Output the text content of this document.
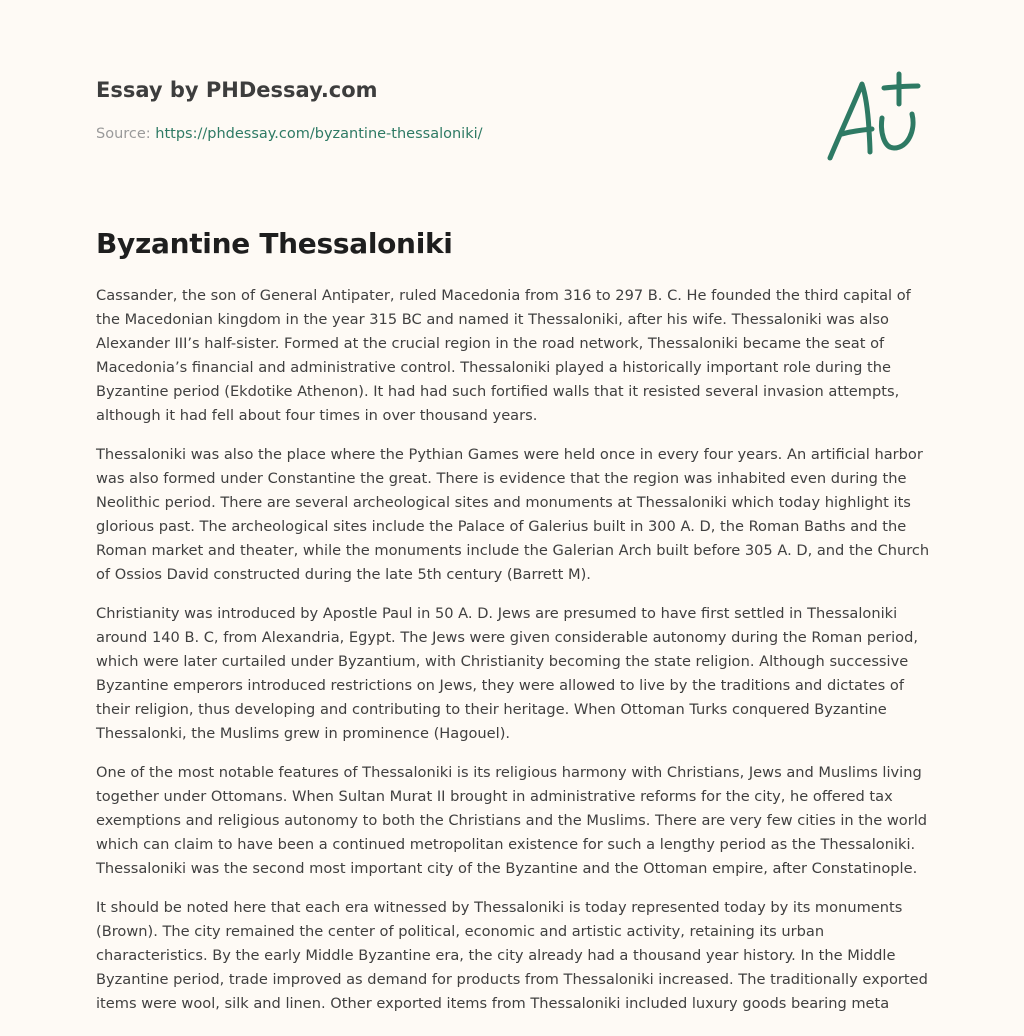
Essay by PHDessay.com

Source: https://phdessay.com/byzantine-thessaloniki/
Byzantine Thessaloniki

Cassander, the son of General Antipater, ruled Macedonia from 316 to 297 B. C. He founded the third capital of the Macedonian kingdom in the year 315 BC and named it Thessaloniki, after his wife. Thessaloniki was also Alexander III’s half-sister. Formed at the crucial region in the road network, Thessaloniki became the seat of Macedonia’s financial and administrative control. Thessaloniki played a historically important role during the Byzantine period (Ekdotike Athenon). It had had such fortified walls that it resisted several invasion attempts, although it had fell about four times in over thousand years.

Thessaloniki was also the place where the Pythian Games were held once in every four years. An artificial harbor was also formed under Constantine the great. There is evidence that the region was inhabited even during the Neolithic period. There are several archeological sites and monuments at Thessaloniki which today highlight its glorious past. The archeological sites include the Palace of Galerius built in 300 A. D, the Roman Baths and the Roman market and theater, while the monuments include the Galerian Arch built before 305 A. D, and the Church of Ossios David constructed during the late 5th century (Barrett M).

Christianity was introduced by Apostle Paul in 50 A. D. Jews are presumed to have first settled in Thessaloniki around 140 B. C, from Alexandria, Egypt. The Jews were given considerable autonomy during the Roman period, which were later curtailed under Byzantium, with Christianity becoming the state religion. Although successive Byzantine emperors introduced restrictions on Jews, they were allowed to live by the traditions and dictates of their religion, thus developing and contributing to their heritage. When Ottoman Turks conquered Byzantine Thessalonki, the Muslims grew in prominence (Hagouel).

One of the most notable features of Thessaloniki is its religious harmony with Christians, Jews and Muslims living together under Ottomans. When Sultan Murat II brought in administrative reforms for the city, he offered tax exemptions and religious autonomy to both the Christians and the Muslims. There are very few cities in the world which can claim to have been a continued metropolitan existence for such a lengthy period as the Thessaloniki. Thessaloniki was the second most important city of the Byzantine and the Ottoman empire, after Constatinople.

It should be noted here that each era witnessed by Thessaloniki is today represented today by its monuments (Brown). The city remained the center of political, economic and artistic activity, retaining its urban characteristics. By the early Middle Byzantine era, the city already had a thousand year history. In the Middle Byzantine period, trade improved as demand for products from Thessaloniki increased. The traditionally exported items were wool, silk and linen. Other exported items from Thessaloniki included luxury goods bearing meta
